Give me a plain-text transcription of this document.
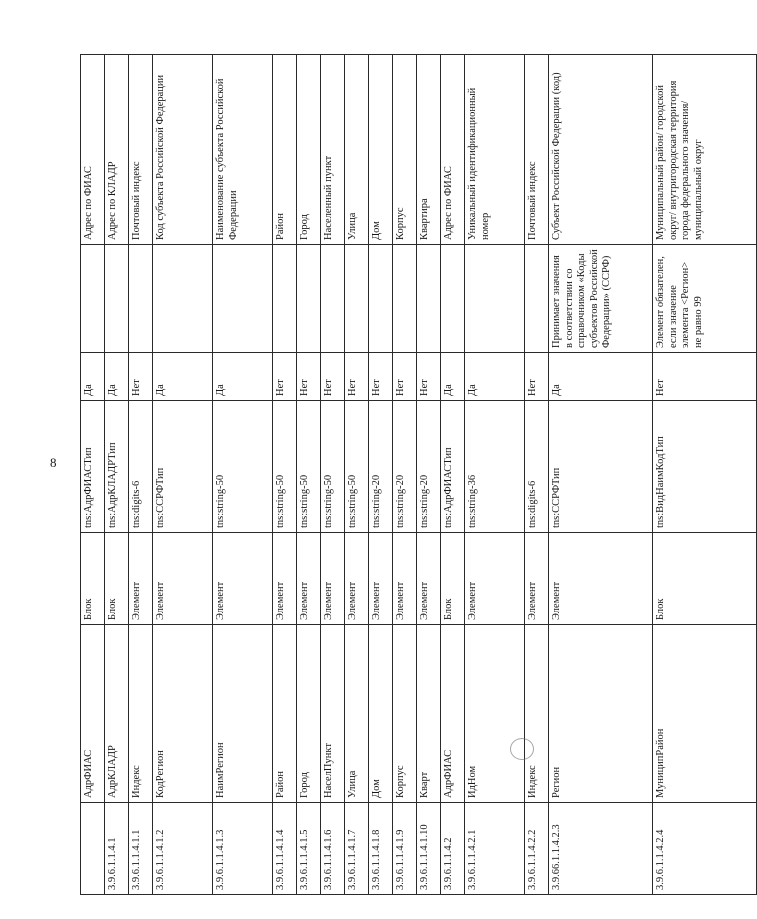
8
	АдрФИАС	Блок	tns:АдрФИАСТип	Да		Адрес по ФИАС
3.9.6.1.1.4.1	АдрКЛАДР	Блок	tns:АдрКЛАДРТип	Да		Адрес по КЛАДР
3.9.6.1.1.4.1.1	Индекс	Элемент	tns:digits-6	Нет		Почтовый индекс
3.9.6.1.1.4.1.2	КодРегион	Элемент	tns:ССРФТип	Да		Код субъекта Российской Федерации
3.9.6.1.1.4.1.3	НаимРегион	Элемент	tns:string-50	Да		Наименование субъекта Российской Федерации
3.9.6.1.1.4.1.4	Район	Элемент	tns:string-50	Нет		Район
3.9.6.1.1.4.1.5	Город	Элемент	tns:string-50	Нет		Город
3.9.6.1.1.4.1.6	НаселПункт	Элемент	tns:string-50	Нет		Населенный пункт
3.9.6.1.1.4.1.7	Улица	Элемент	tns:string-50	Нет		Улица
3.9.6.1.1.4.1.8	Дом	Элемент	tns:string-20	Нет		Дом
3.9.6.1.1.4.1.9	Корпус	Элемент	tns:string-20	Нет		Корпус
3.9.6.1.1.4.1.10	Кварт	Элемент	tns:string-20	Нет		Квартира
3.9.6.1.1.4.2	АдрФИАС	Блок	tns:АдрФИАСТип	Да		Адрес по ФИАС
3.9.6.1.1.4.2.1	ИдНом	Элемент	tns:string-36	Да		Уникальный идентификационный номер
3.9.6.1.1.4.2.2	Индекс	Элемент	tns:digits-6	Нет		Почтовый индекс
3.9.66.1.1.4.2.3	Регион	Элемент	tns:ССРФТип	Да	Принимает значения в соответствии со справочником «Коды субъектов Российской Федерации» (ССРФ)	Субъект Российской Федерации (код)
3.9.6.1.1.4.2.4	МуниципРайон	Блок	tns:ВидНаимКодТип	Нет	Элемент обязателен, если значение элемента <Регион> не равно 99	Муниципальный район/ городской округ/ внутригородская территория города федерального значения/ муниципальный округ
